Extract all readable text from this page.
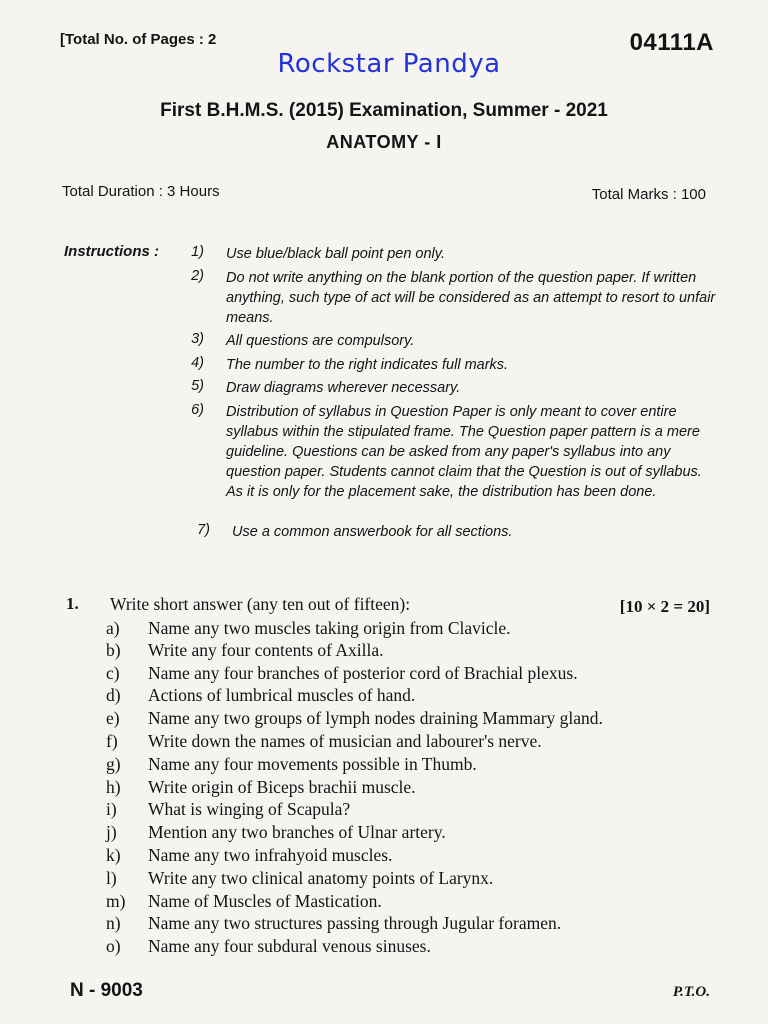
[Total No. of Pages : 2	04111A
Rockstar Pandya
First B.H.M.S. (2015) Examination, Summer - 2021
ANATOMY - I
Total Duration : 3 Hours	Total Marks : 100
Instructions :	1) Use blue/black ball point pen only.
2) Do not write anything on the blank portion of the question paper. If written anything, such type of act will be considered as an attempt to resort to unfair means.
3) All questions are compulsory.
4) The number to the right indicates full marks.
5) Draw diagrams wherever necessary.
6) Distribution of syllabus in Question Paper is only meant to cover entire syllabus within the stipulated frame. The Question paper pattern is a mere guideline. Questions can be asked from any paper's syllabus into any question paper. Students cannot claim that the Question is out of syllabus. As it is only for the placement sake, the distribution has been done.
7) Use a common answerbook for all sections.
1. Write short answer (any ten out of fifteen):	[10 × 2 = 20]
a) Name any two muscles taking origin from Clavicle.
b) Write any four contents of Axilla.
c) Name any four branches of posterior cord of Brachial plexus.
d) Actions of lumbrical muscles of hand.
e) Name any two groups of lymph nodes draining Mammary gland.
f) Write down the names of musician and labourer's nerve.
g) Name any four movements possible in Thumb.
h) Write origin of Biceps brachii muscle.
i) What is winging of Scapula?
j) Mention any two branches of Ulnar artery.
k) Name any two infrahyoid muscles.
l) Write any two clinical anatomy points of Larynx.
m) Name of Muscles of Mastication.
n) Name any two structures passing through Jugular foramen.
o) Name any four subdural venous sinuses.
N - 9003	P.T.O.
